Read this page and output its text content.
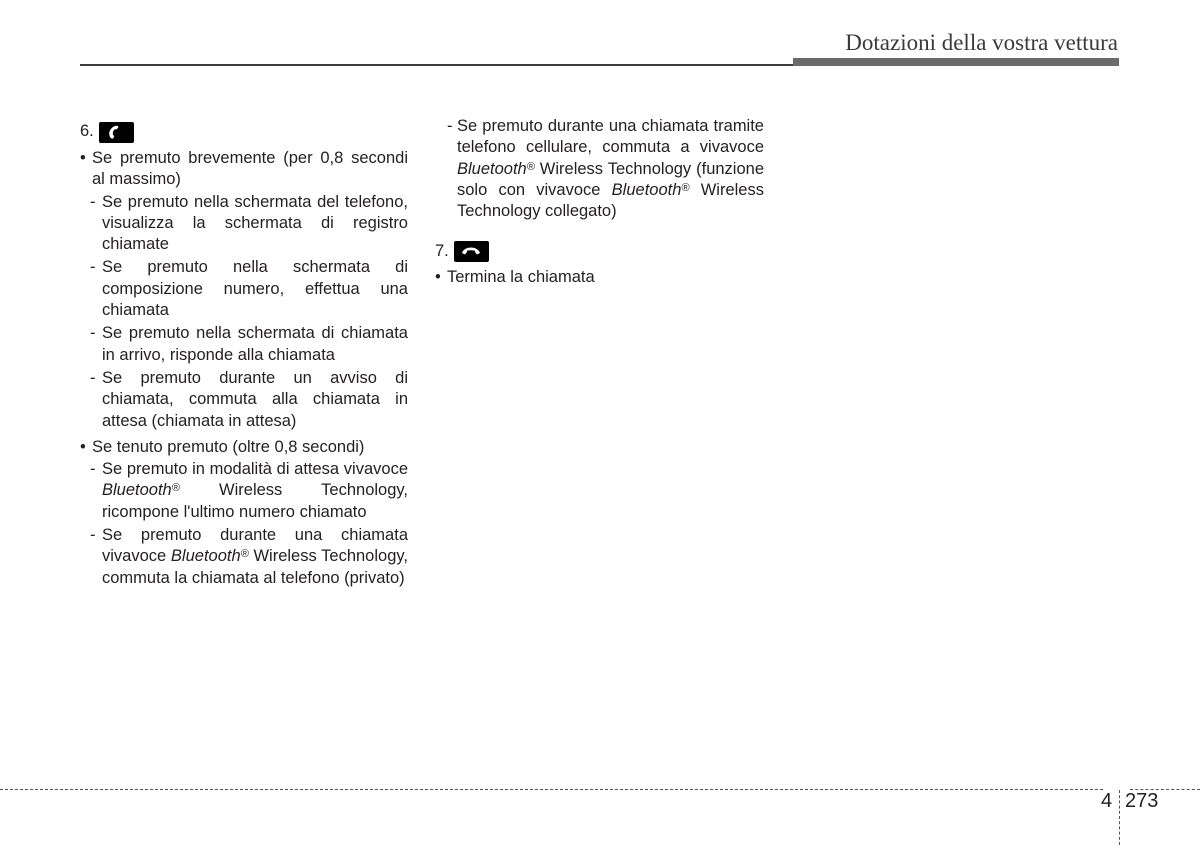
Dotazioni della vostra vettura
6.
• Se premuto brevemente (per 0,8 secondi al massimo)
- Se premuto nella schermata del telefono, visualizza la schermata di registro chiamate
- Se premuto nella schermata di composizione numero, effettua una chiamata
- Se premuto nella schermata di chiamata in arrivo, risponde alla chiamata
- Se premuto durante un avviso di chiamata, commuta alla chiamata in attesa (chiamata in attesa)
• Se tenuto premuto (oltre 0,8 secondi)
- Se premuto in modalità di attesa vivavoce Bluetooth® Wireless Technology, ricompone l'ultimo numero chiamato
- Se premuto durante una chiamata vivavoce Bluetooth® Wireless Technology, commuta la chiamata al telefono (privato)
- Se premuto durante una chiamata tramite telefono cellulare, commuta a vivavoce Bluetooth® Wireless Technology (funzione solo con vivavoce Bluetooth® Wireless Technology collegato)
7.
• Termina la chiamata
4 273
